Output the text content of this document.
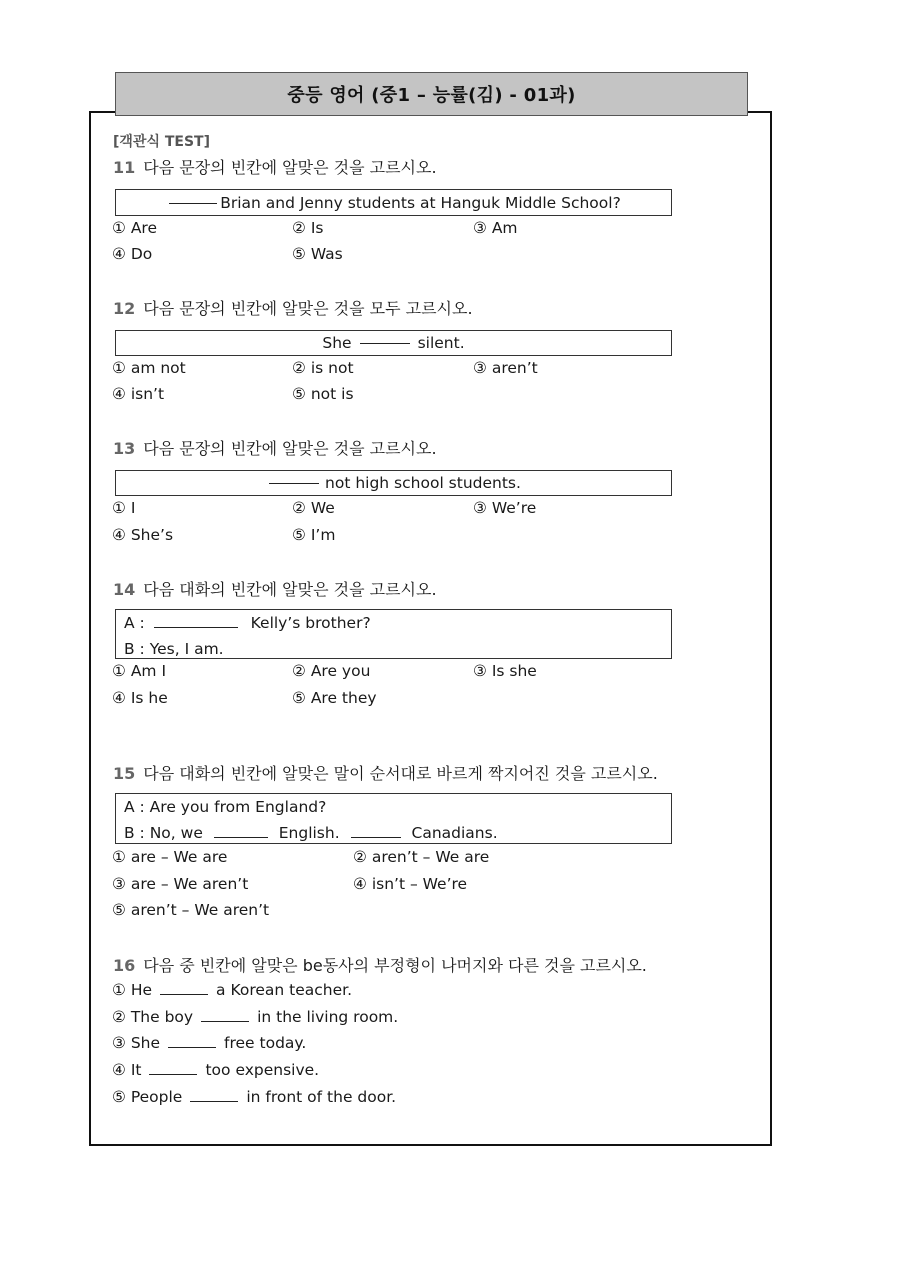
중등 영어 (중1 – 능률(김) - 01과)
[객관식 TEST]
11 다음 문장의 빈칸에 알맞은 것을 고르시오.
Brian and Jenny students at Hanguk Middle School?
① Are	② Is	③ Am
④ Do	⑤ Was
12 다음 문장의 빈칸에 알맞은 것을 모두 고르시오.
She	silent.
① am not	② is not	③ aren’t
④ isn’t	⑤ not is
13 다음 문장의 빈칸에 알맞은 것을 고르시오.
not high school students.
① I	② We	③ We’re
④ She’s	⑤ I’m
14 다음 대화의 빈칸에 알맞은 것을 고르시오.
A :	Kelly’s brother?
B : Yes, I am.
① Am I	② Are you	③ Is she
④ Is he	⑤ Are they
15 다음 대화의 빈칸에 알맞은 말이 순서대로 바르게 짝지어진 것을 고르시오.
A : Are you from England?
B : No, we	English.	Canadians.
① are – We are	② aren’t – We are
③ are – We aren’t	④ isn’t – We’re
⑤ aren’t – We aren’t
16 다음 중 빈칸에 알맞은 be동사의 부정형이 나머지와 다른 것을 고르시오.
① He	a Korean teacher.
② The boy	in the living room.
③ She	free today.
④ It	too expensive.
⑤ People	in front of the door.
